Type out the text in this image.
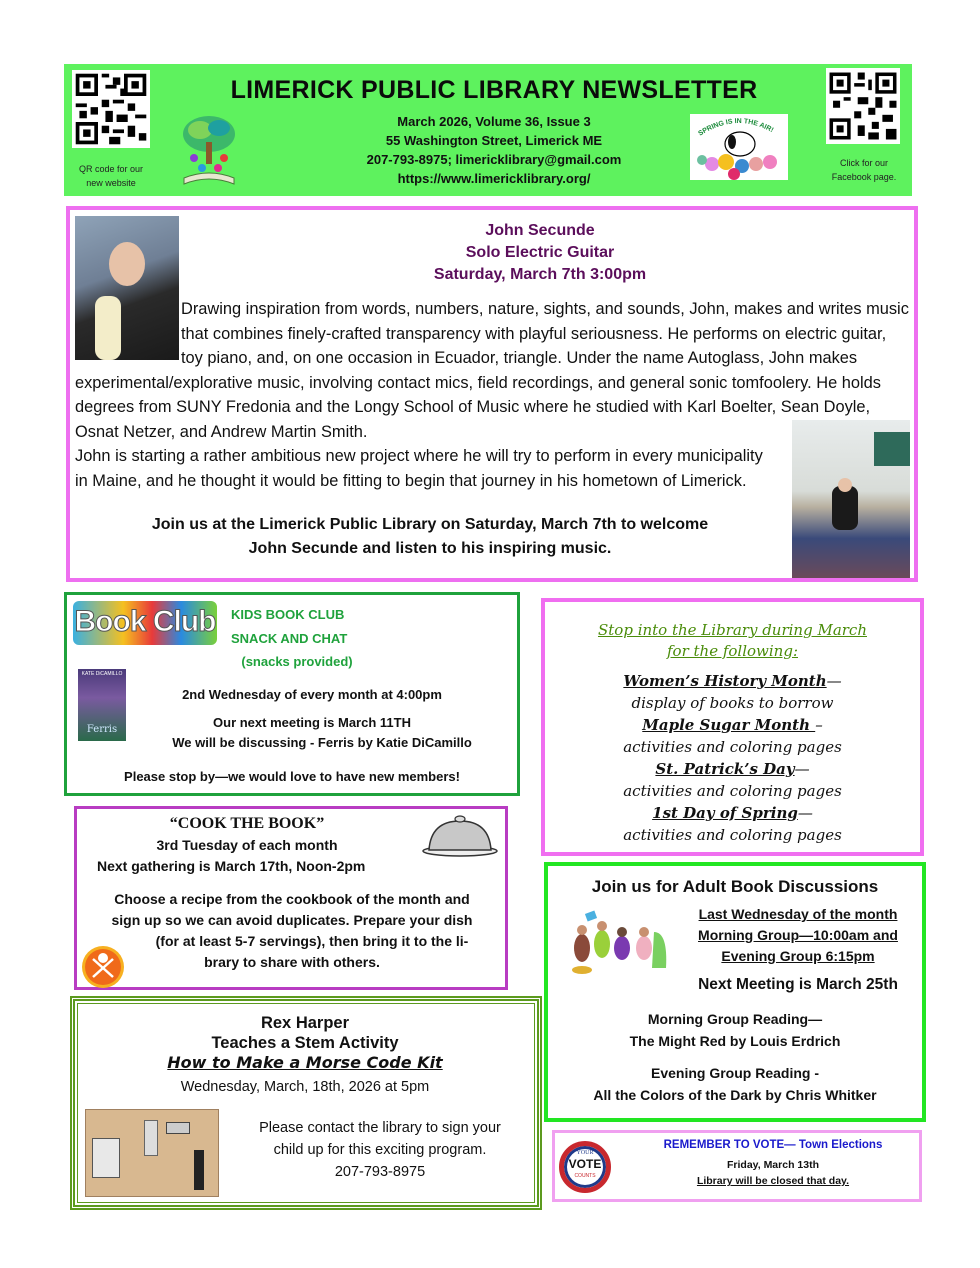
QR code for our
new website
LIMERICK PUBLIC LIBRARY NEWSLETTER
March 2026, Volume 36, Issue 3
55 Washington Street, Limerick ME
207-793-8975; limericklibrary@gmail.com
https://www.limericklibrary.org/
SPRING IS IN THE AIR!
Click for our
Facebook page.
John Secunde
Solo Electric Guitar
Saturday, March 7th 3:00pm

Drawing inspiration from words, numbers, nature, sights, and sounds, John, makes and writes music that combines finely-crafted transparency with playful seriousness. He performs on electric guitar, toy piano, and, on one occasion in Ecuador, triangle. Under the name Autoglass, John makes experimental/explorative music, involving contact mics, field recordings, and general sonic tomfoolery. He holds degrees from SUNY Fredonia and the Longy School of Music where he studied with Karl Boelter, Sean Doyle, Osnat Netzer, and Andrew Martin Smith.

John is starting a rather ambitious new project where he will try to perform in every municipality in Maine, and he thought it would be fitting to begin that journey in his hometown of Limerick.

Join us at the Limerick Public Library on Saturday, March 7th to welcome
John Secunde and listen to his inspiring music.
Book Club	KIDS BOOK CLUB
SNACK AND CHAT
(snacks provided)
KATE DiCAMILLO
Ferris
2nd Wednesday of every month at 4:00pm
Our next meeting is March 11TH
We will be discussing - Ferris by Katie DiCamillo
Please stop by—we would love to have new members!
Stop into the Library during March
for the following:
Women’s History Month—
display of books to borrow
Maple Sugar Month –
activities and coloring pages
St. Patrick’s Day—
activities and coloring pages
1st Day of Spring—
activities and coloring pages
“COOK THE BOOK”
3rd Tuesday of each month
Next gathering is March 17th, Noon-2pm
Choose a recipe from the cookbook of the month and
sign up so we can avoid duplicates. Prepare your dish
(for at least 5-7 servings), then bring it to the li-
brary to share with others.
Rex Harper
Teaches a Stem Activity
How to Make a Morse Code Kit
Wednesday, March, 18th, 2026 at 5pm
Please contact the library to sign your
child up for this exciting program.
207-793-8975
Join us for Adult Book Discussions
Last Wednesday of the month
Morning Group—10:00am and
Evening Group 6:15pm
Next Meeting is March 25th
Morning Group Reading—
The Might Red by Louis Erdrich
Evening Group Reading -
All the Colors of the Dark by Chris Whitker
YOUR
VOTE
COUNTS
REMEMBER TO VOTE— Town Elections
Friday, March 13th
Library will be closed that day.
